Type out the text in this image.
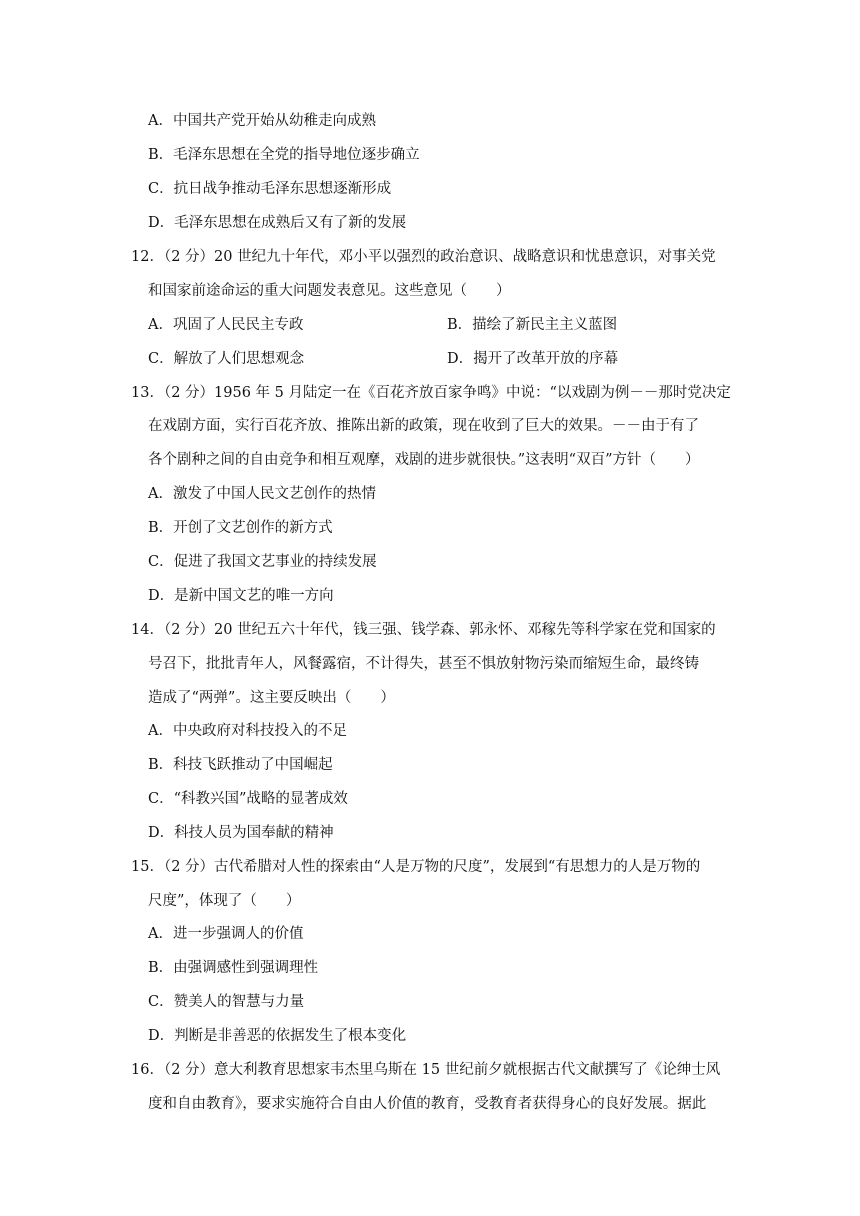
A．中国共产党开始从幼稚走向成熟
B．毛泽东思想在全党的指导地位逐步确立
C．抗日战争推动毛泽东思想逐渐形成
D．毛泽东思想在成熟后又有了新的发展
12．（2 分）20 世纪九十年代，邓小平以强烈的政治意识、战略意识和忧患意识，对事关党
和国家前途命运的重大问题发表意见。这些意见（　　）
A．巩固了人民民主专政	B．描绘了新民主主义蓝图
C．解放了人们思想观念	D．揭开了改革开放的序幕
13．（2 分）1956 年 5 月陆定一在《百花齐放百家争鸣》中说：“以戏剧为例－－那时党决定
在戏剧方面，实行百花齐放、推陈出新的政策，现在收到了巨大的效果。－－由于有了
各个剧种之间的自由竞争和相互观摩，戏剧的进步就很快。”这表明“双百”方针（　　）
A．激发了中国人民文艺创作的热情
B．开创了文艺创作的新方式
C．促进了我国文艺事业的持续发展
D．是新中国文艺的唯一方向
14．（2 分）20 世纪五六十年代，钱三强、钱学森、郭永怀、邓稼先等科学家在党和国家的
号召下，批批青年人，风餐露宿，不计得失，甚至不惧放射物污染而缩短生命，最终铸
造成了“两弹”。这主要反映出（　　）
A．中央政府对科技投入的不足
B．科技飞跃推动了中国崛起
C．“科教兴国”战略的显著成效
D．科技人员为国奉献的精神
15．（2 分）古代希腊对人性的探索由“人是万物的尺度”，发展到“有思想力的人是万物的
尺度”，体现了（　　）
A．进一步强调人的价值
B．由强调感性到强调理性
C．赞美人的智慧与力量
D．判断是非善恶的依据发生了根本变化
16．（2 分）意大利教育思想家韦杰里乌斯在 15 世纪前夕就根据古代文献撰写了《论绅士风
度和自由教育》，要求实施符合自由人价值的教育，受教育者获得身心的良好发展。据此
